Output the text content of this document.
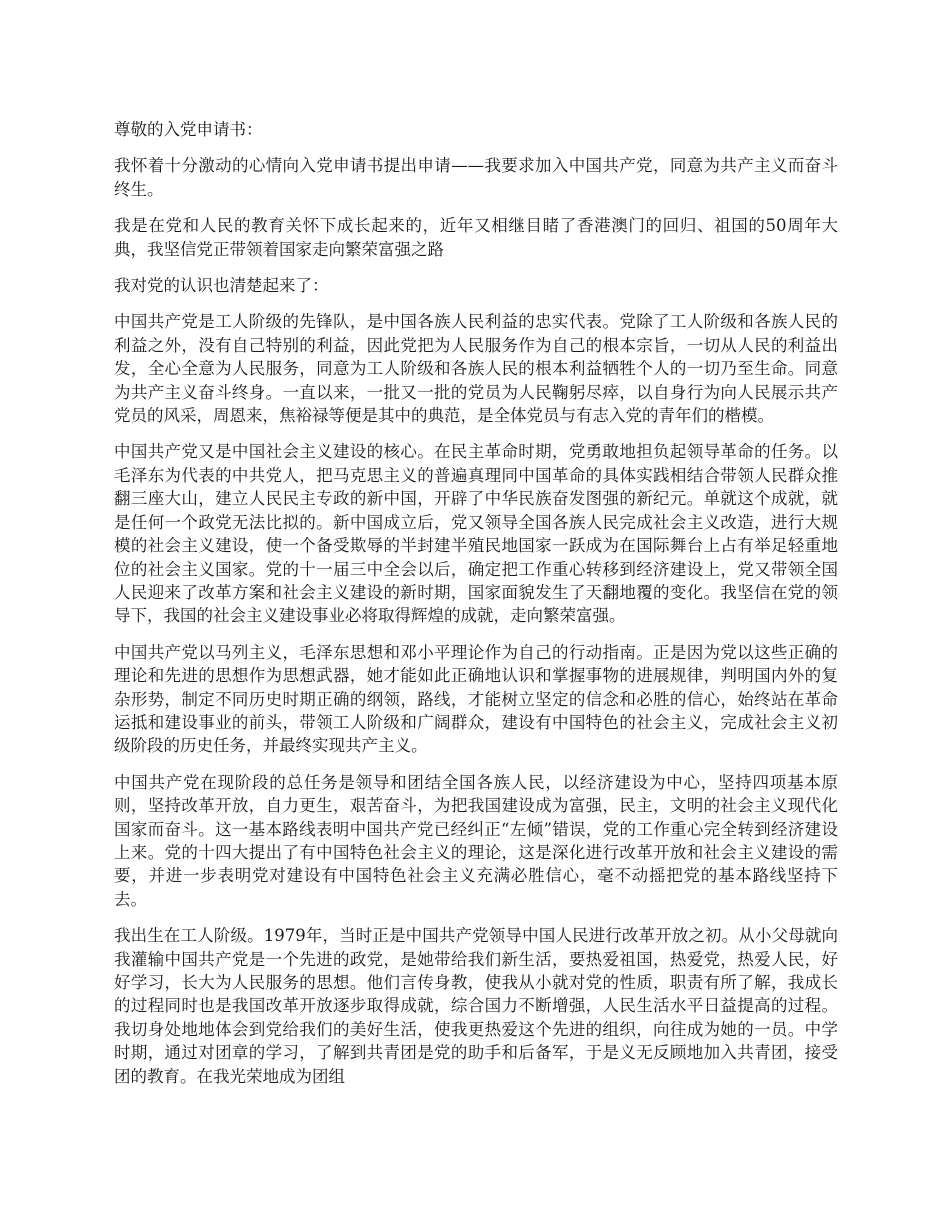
尊敬的入党申请书：

我怀着十分激动的心情向入党申请书提出申请——我要求加入中国共产党，同意为共产主义而奋斗终生。

我是在党和人民的教育关怀下成长起来的，近年又相继目睹了香港澳门的回归、祖国的50周年大典，我坚信党正带领着国家走向繁荣富强之路

我对党的认识也清楚起来了：

中国共产党是工人阶级的先锋队，是中国各族人民利益的忠实代表。党除了工人阶级和各族人民的利益之外，没有自己特别的利益，因此党把为人民服务作为自己的根本宗旨，一切从人民的利益出发，全心全意为人民服务，同意为工人阶级和各族人民的根本利益牺牲个人的一切乃至生命。同意为共产主义奋斗终身。一直以来，一批又一批的党员为人民鞠躬尽瘁，以自身行为向人民展示共产党员的风采，周恩来，焦裕禄等便是其中的典范，是全体党员与有志入党的青年们的楷模。

中国共产党又是中国社会主义建设的核心。在民主革命时期，党勇敢地担负起领导革命的任务。以毛泽东为代表的中共党人，把马克思主义的普遍真理同中国革命的具体实践相结合带领人民群众推翻三座大山，建立人民民主专政的新中国，开辟了中华民族奋发图强的新纪元。单就这个成就，就是任何一个政党无法比拟的。新中国成立后，党又领导全国各族人民完成社会主义改造，进行大规模的社会主义建设，使一个备受欺辱的半封建半殖民地国家一跃成为在国际舞台上占有举足轻重地位的社会主义国家。党的十一届三中全会以后，确定把工作重心转移到经济建设上，党又带领全国人民迎来了改革方案和社会主义建设的新时期，国家面貌发生了天翻地覆的变化。我坚信在党的领导下，我国的社会主义建设事业必将取得辉煌的成就，走向繁荣富强。

中国共产党以马列主义，毛泽东思想和邓小平理论作为自己的行动指南。正是因为党以这些正确的理论和先进的思想作为思想武器，她才能如此正确地认识和掌握事物的进展规律，判明国内外的复杂形势，制定不同历史时期正确的纲领，路线，才能树立坚定的信念和必胜的信心，始终站在革命运抵和建设事业的前头，带领工人阶级和广阔群众，建设有中国特色的社会主义，完成社会主义初级阶段的历史任务，并最终实现共产主义。

中国共产党在现阶段的总任务是领导和团结全国各族人民，以经济建设为中心，坚持四项基本原则，坚持改革开放，自力更生，艰苦奋斗，为把我国建设成为富强，民主，文明的社会主义现代化国家而奋斗。这一基本路线表明中国共产党已经纠正“左倾”错误，党的工作重心完全转到经济建设上来。党的十四大提出了有中国特色社会主义的理论，这是深化进行改革开放和社会主义建设的需要，并进一步表明党对建设有中国特色社会主义充满必胜信心，毫不动摇把党的基本路线坚持下去。

我出生在工人阶级。1979年，当时正是中国共产党领导中国人民进行改革开放之初。从小父母就向我灌输中国共产党是一个先进的政党，是她带给我们新生活，要热爱祖国，热爱党，热爱人民，好好学习，长大为人民服务的思想。他们言传身教，使我从小就对党的性质，职责有所了解，我成长的过程同时也是我国改革开放逐步取得成就，综合国力不断增强，人民生活水平日益提高的过程。我切身处地地体会到党给我们的美好生活，使我更热爱这个先进的组织，向往成为她的一员。中学时期，通过对团章的学习，了解到共青团是党的助手和后备军，于是义无反顾地加入共青团，接受团的教育。在我光荣地成为团组
